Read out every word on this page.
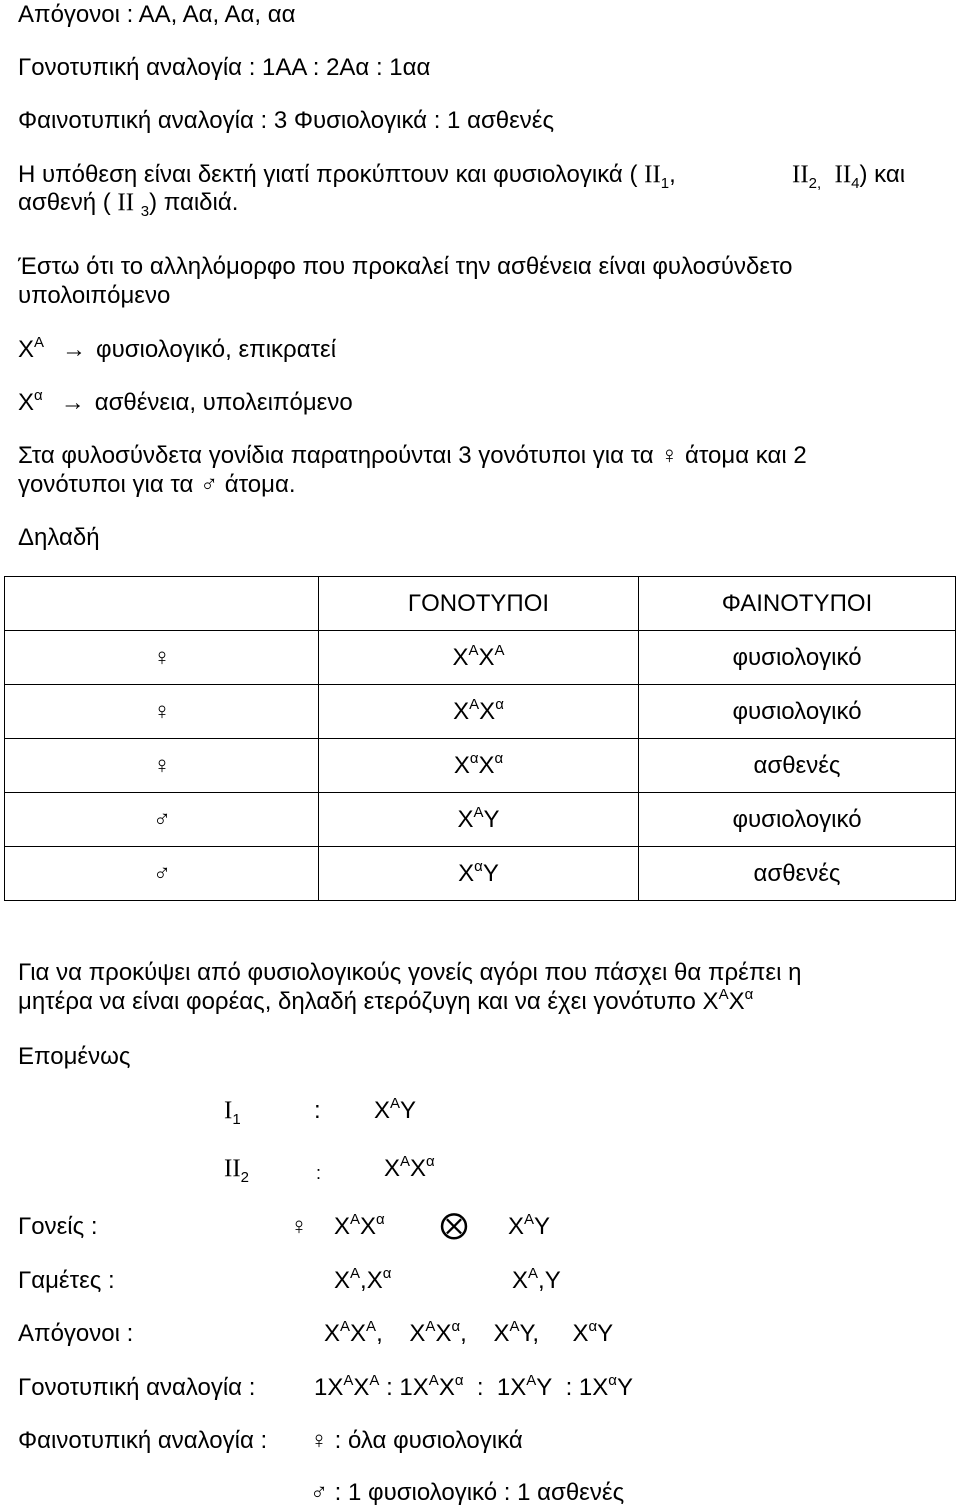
Απόγονοι : ΑΑ, Αα, Αα, αα
Γονοτυπική αναλογία : 1ΑΑ : 2Αα : 1αα
Φαινοτυπική αναλογία : 3 Φυσιολογικά : 1 ασθενές
Η υπόθεση είναι δεκτή γιατί προκύπτουν και φυσιολογικά ( $II_1$,	$II_{2,}$ $II_4$) και
ασθενή ( ΙΙ $_3$) παιδιά.
Έστω ότι το αλληλόμορφο που προκαλεί την ασθένεια είναι φυλοσύνδετο
υπολοιπόμενο
$X^A \to \varphi\upsilon\sigma\iota o\lambda o\gamma\iota\kappa ό$, επικρατεί
$X^\alpha \to \alpha\sigma\theta έ\nu\varepsilon\iota\alpha$, υπολειπόμενο
Στα φυλοσύνδετα γονίδια παρατηρούνται 3 γονότυποι για τα ♀ άτομα και 2
γονότυποι για τα ♂ άτομα.
Δηλαδή
	ΓΟΝΟΤΥΠΟΙ	ΦΑΙΝΟΤΥΠΟΙ
♀	$X^AX^A$	φυσιολογικό
♀	$X^AX^\alpha$	φυσιολογικό
♀	$X^\alpha X^\alpha$	ασθενές
♂	$X^AY$	φυσιολογικό
♂	$X^\alpha Y$	ασθενές
Για να προκύψει από φυσιολογικούς γονείς αγόρι που πάσχει θα πρέπει η
μητέρα να είναι φορέας, δηλαδή ετερόζυγη και να έχει γονότυπο $X^AX^\alpha$
Επομένως
$I_1$	: $X^AY$
$II_2$	:	$X^AX^\alpha$
Γονείς :	♀ $X^AX^\alpha$ ⨂ $X^AY$
Γαμέτες :	$X^A,X^\alpha$	$X^A,Y$
Απόγονοι :	$X^AX^A$,    $X^AX^\alpha$,    $X^AY$,     $X^\alpha Y$
Γονοτυπική αναλογία : $1X^AX^A$ : $1X^AX^\alpha$  :  $1X^AY$  : $1X^\alpha Y$
Φαινοτυπική αναλογία : ♀ : όλα φυσιολογικά
♂ : 1 φυσιολογικό : 1 ασθενές
